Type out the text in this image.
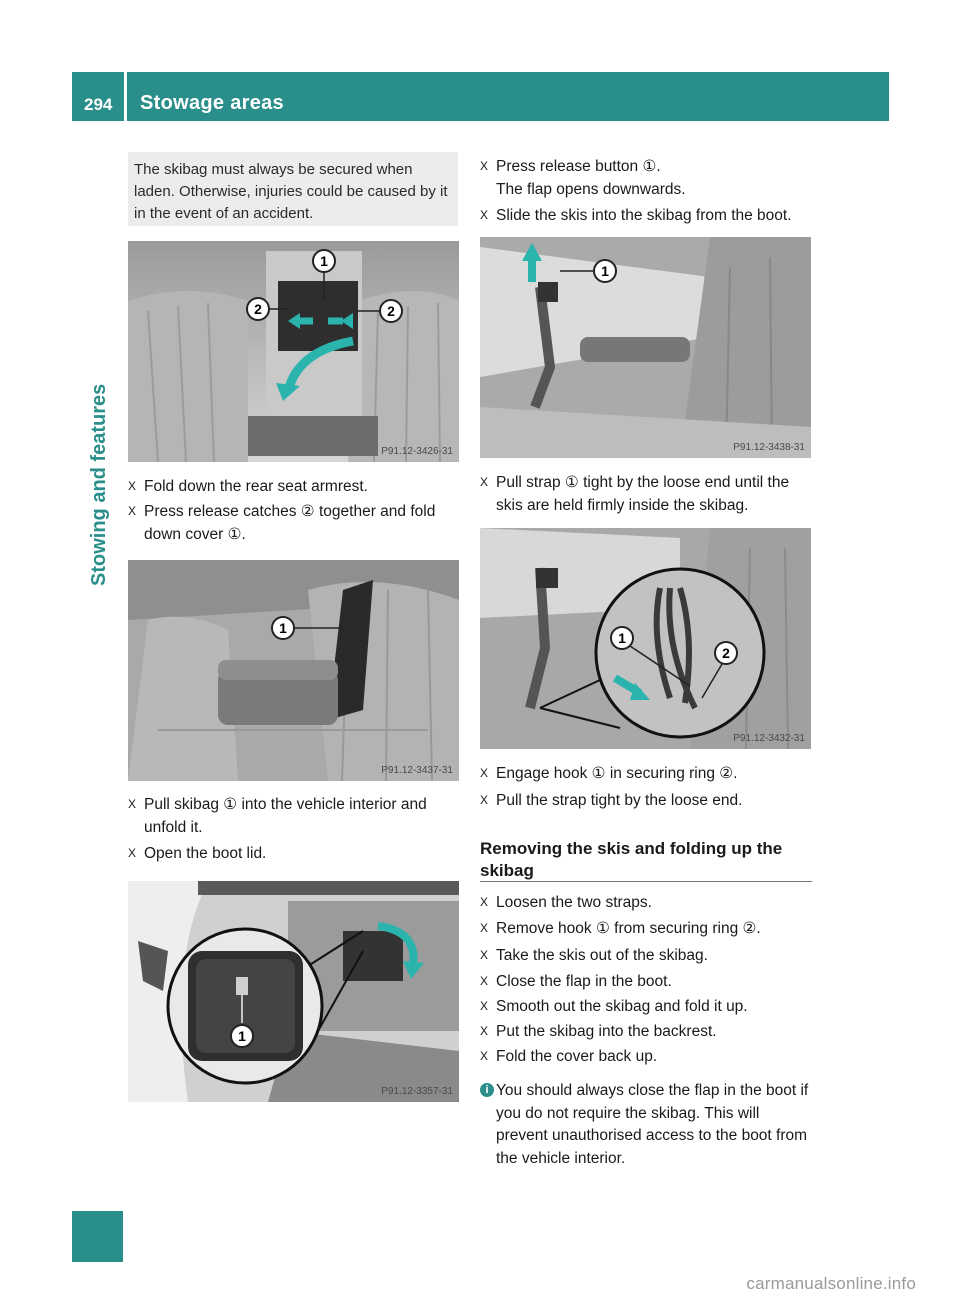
294 Stowage areas
Stowing and features
The skibag must always be secured when laden. Otherwise, injuries could be caused by it in the event of an accident.
1
2	2
P91.12-3426-31
X Fold down the rear seat armrest.
X Press release catches ② together and fold down cover ①.
1
P91.12-3437-31
X Pull skibag ① into the vehicle interior and unfold it.
X Open the boot lid.
1
P91.12-3357-31
X Press release button ①.
The flap opens downwards.
X Slide the skis into the skibag from the boot.
1
P91.12-3438-31
X Pull strap ① tight by the loose end until the skis are held firmly inside the skibag.
1
2
P91.12-3432-31
X Engage hook ① in securing ring ②.
X Pull the strap tight by the loose end.
Removing the skis and folding up the skibag
X Loosen the two straps.
X Remove hook ① from securing ring ②.
X Take the skis out of the skibag.
X Close the flap in the boot.
X Smooth out the skibag and fold it up.
X Put the skibag into the backrest.
X Fold the cover back up.
i You should always close the flap in the boot if you do not require the skibag. This will prevent unauthorised access to the boot from the vehicle interior.
carmanualsonline.info
